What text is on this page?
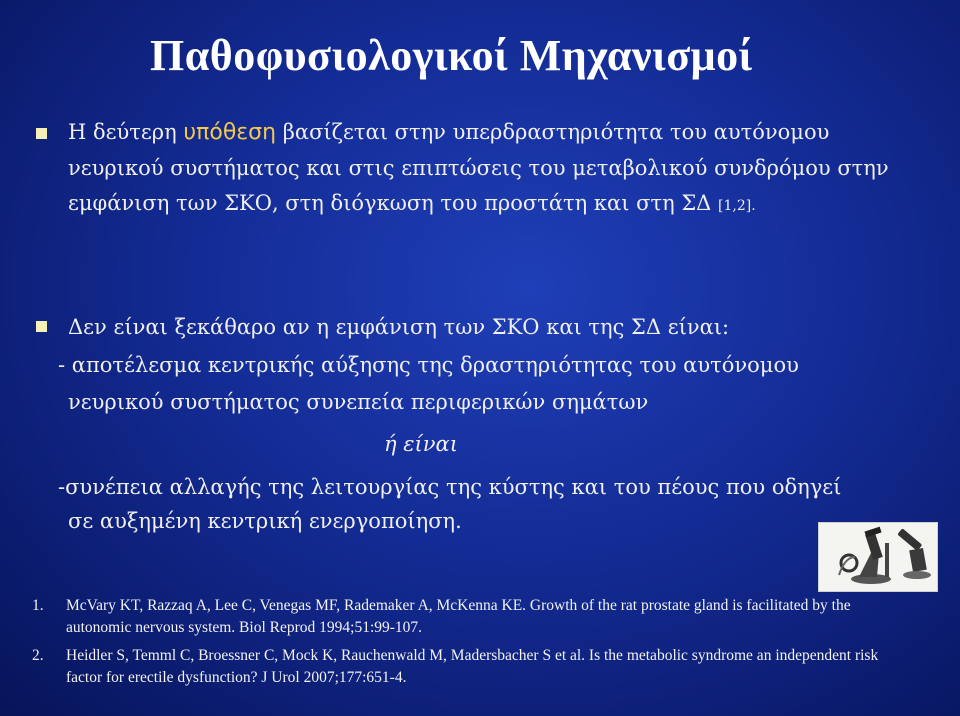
Παθοφυσιολογικοί Μηχανισμοί
Η δεύτερη υπόθεση βασίζεται στην υπερδραστηριότητα του αυτόνομου νευρικού συστήματος και στις επιπτώσεις του μεταβολικού συνδρόμου στην εμφάνιση των ΣΚΟ, στη διόγκωση του προστάτη και στη ΣΔ [1,2].
Δεν είναι ξεκάθαρο αν η εμφάνιση των ΣΚΟ και της ΣΔ είναι:
- αποτέλεσμα κεντρικής αύξησης της δραστηριότητας του αυτόνομου
νευρικού συστήματος συνεπεία περιφερικών σημάτων
ή είναι
-συνέπεια αλλαγής της λειτουργίας της κύστης και του πέους που οδηγεί
σε αυξημένη κεντρική ενεργοποίηση.
1. McVary KT, Razzaq A, Lee C, Venegas MF, Rademaker A, McKenna KE. Growth of the rat prostate gland is facilitated by the autonomic nervous system. Biol Reprod 1994;51:99-107.
2. Heidler S, Temml C, Broessner C, Mock K, Rauchenwald M, Madersbacher S et al. Is the metabolic syndrome an independent risk factor for erectile dysfunction? J Urol 2007;177:651-4.
